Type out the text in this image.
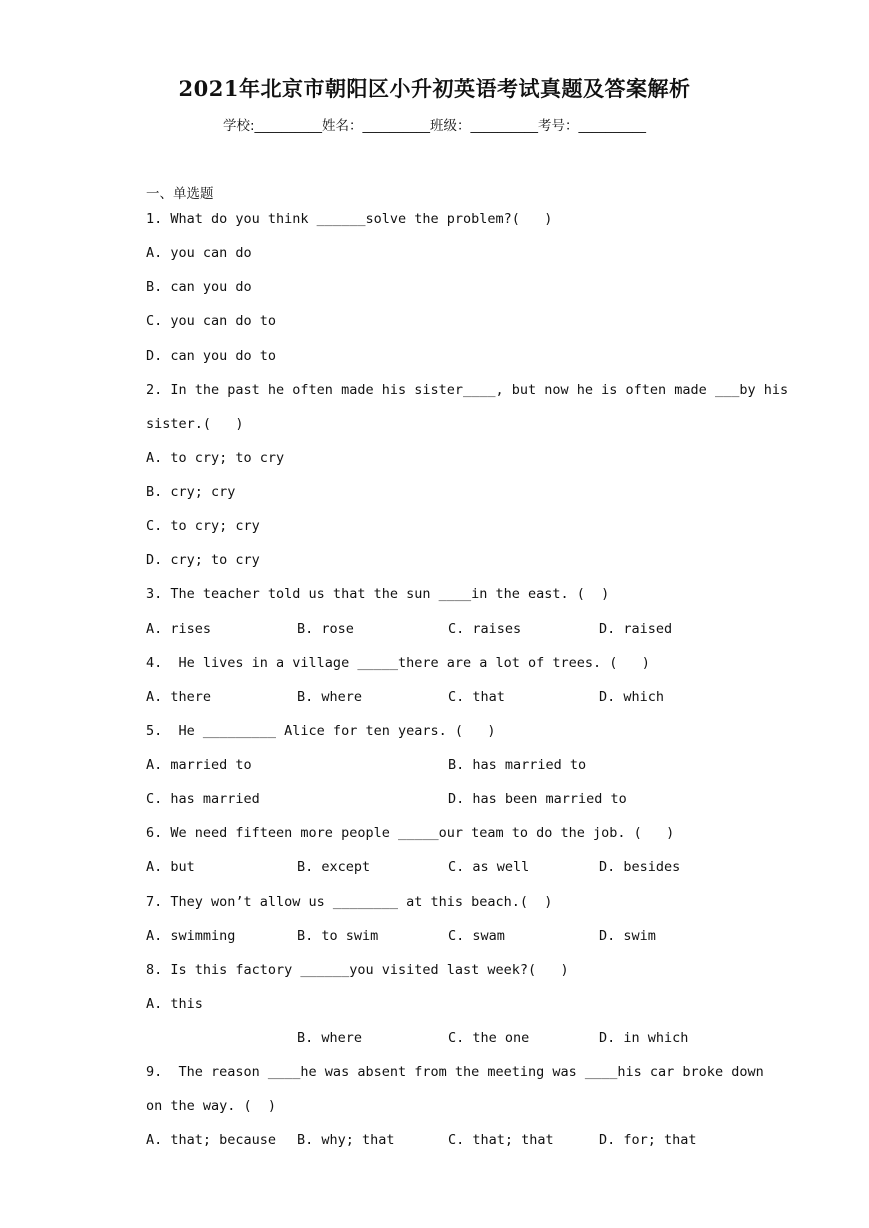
2021年北京市朝阳区小升初英语考试真题及答案解析
学校:__________姓名：__________班级：__________考号：__________
一、单选题
1. What do you think ______solve the problem?(   )
A. you can do
B. can you do
C. you can do to
D. can you do to
2. In the past he often made his sister____, but now he is often made ___by his
sister.(   )
A. to cry; to cry
B. cry; cry
C. to cry; cry
D. cry; to cry
3. The teacher told us that the sun ____in the east. (  )
A. rises	B. rose	C. raises	D. raised
4.  He lives in a village _____there are a lot of trees. (   )
A. there	B. where	C. that	D. which
5.  He _________ Alice for ten years. (   )
A. married to	B. has married to
C. has married	D. has been married to
6. We need fifteen more people _____our team to do the job. (   )
A. but	B. except	C. as well	D. besides
7. They won’t allow us ________ at this beach.(  )
A. swimming	B. to swim	C. swam	D. swim
8. Is this factory ______you visited last week?(   )
A. this
B. where	C. the one	D. in which
9.  The reason ____he was absent from the meeting was ____his car broke down
on the way. (  )
A. that; because B. why; that	C. that; that	D. for; that
